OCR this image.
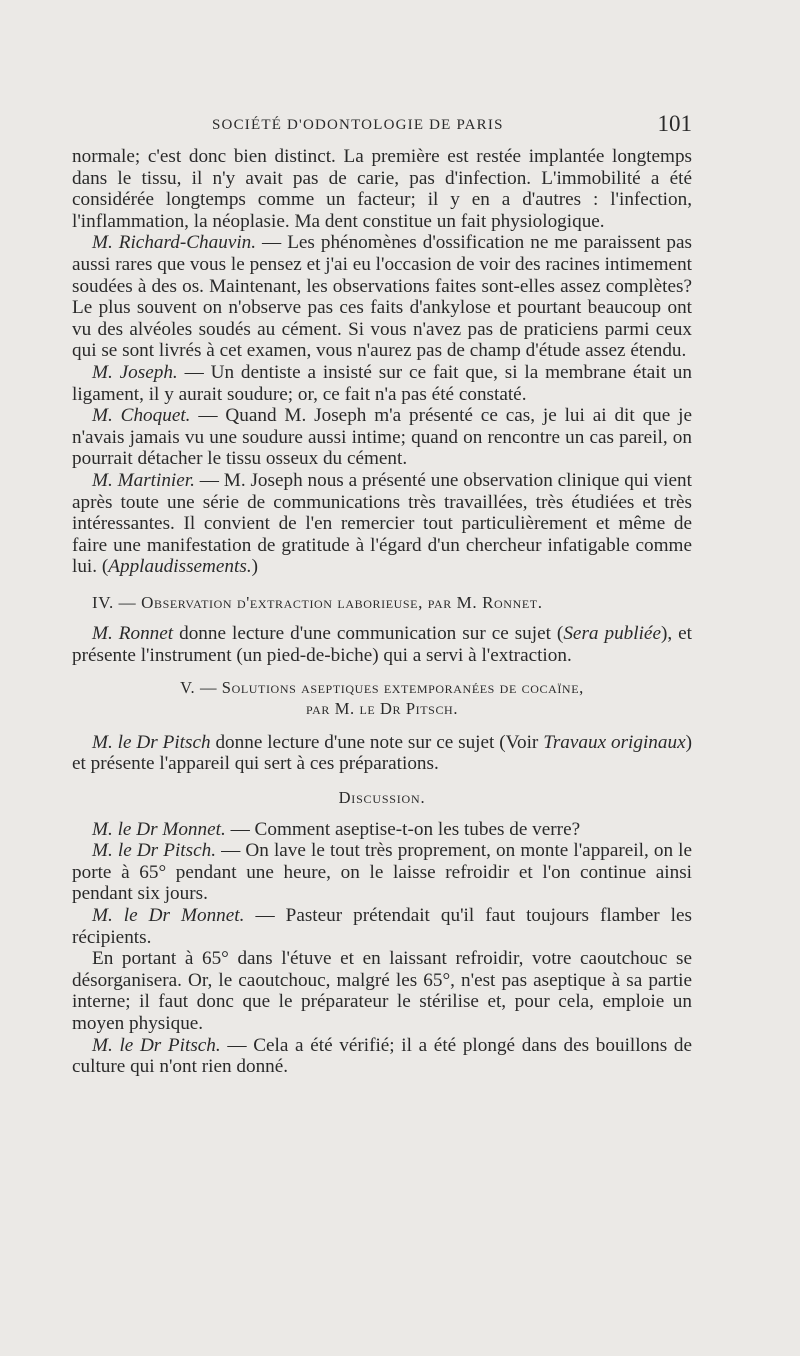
SOCIÉTÉ D'ODONTOLOGIE DE PARIS	101

normale; c'est donc bien distinct. La première est restée implantée longtemps dans le tissu, il n'y avait pas de carie, pas d'infection. L'immobilité a été considérée longtemps comme un facteur; il y en a d'autres : l'infection, l'inflammation, la néoplasie. Ma dent constitue un fait physiologique.

M. Richard-Chauvin. — Les phénomènes d'ossification ne me paraissent pas aussi rares que vous le pensez et j'ai eu l'occasion de voir des racines intimement soudées à des os. Maintenant, les observations faites sont-elles assez complètes? Le plus souvent on n'observe pas ces faits d'ankylose et pourtant beaucoup ont vu des alvéoles soudés au cément. Si vous n'avez pas de praticiens parmi ceux qui se sont livrés à cet examen, vous n'aurez pas de champ d'étude assez étendu.

M. Joseph. — Un dentiste a insisté sur ce fait que, si la membrane était un ligament, il y aurait soudure; or, ce fait n'a pas été constaté.

M. Choquet. — Quand M. Joseph m'a présenté ce cas, je lui ai dit que je n'avais jamais vu une soudure aussi intime; quand on rencontre un cas pareil, on pourrait détacher le tissu osseux du cément.

M. Martinier. — M. Joseph nous a présenté une observation clinique qui vient après toute une série de communications très travaillées, très étudiées et très intéressantes. Il convient de l'en remercier tout particulièrement et même de faire une manifestation de gratitude à l'égard d'un chercheur infatigable comme lui. (Applaudissements.)

IV. — Observation d'extraction laborieuse, par M. Ronnet.

M. Ronnet donne lecture d'une communication sur ce sujet (Sera publiée), et présente l'instrument (un pied-de-biche) qui a servi à l'extraction.

V. — Solutions aseptiques extemporanées de cocaïne,
par M. le Dr Pitsch.

M. le Dr Pitsch donne lecture d'une note sur ce sujet (Voir Travaux originaux) et présente l'appareil qui sert à ces préparations.

Discussion.

M. le Dr Monnet. — Comment aseptise-t-on les tubes de verre?

M. le Dr Pitsch. — On lave le tout très proprement, on monte l'appareil, on le porte à 65° pendant une heure, on le laisse refroidir et l'on continue ainsi pendant six jours.

M. le Dr Monnet. — Pasteur prétendait qu'il faut toujours flamber les récipients.

En portant à 65° dans l'étuve et en laissant refroidir, votre caoutchouc se désorganisera. Or, le caoutchouc, malgré les 65°, n'est pas aseptique à sa partie interne; il faut donc que le préparateur le stérilise et, pour cela, emploie un moyen physique.

M. le Dr Pitsch. — Cela a été vérifié; il a été plongé dans des bouillons de culture qui n'ont rien donné.
